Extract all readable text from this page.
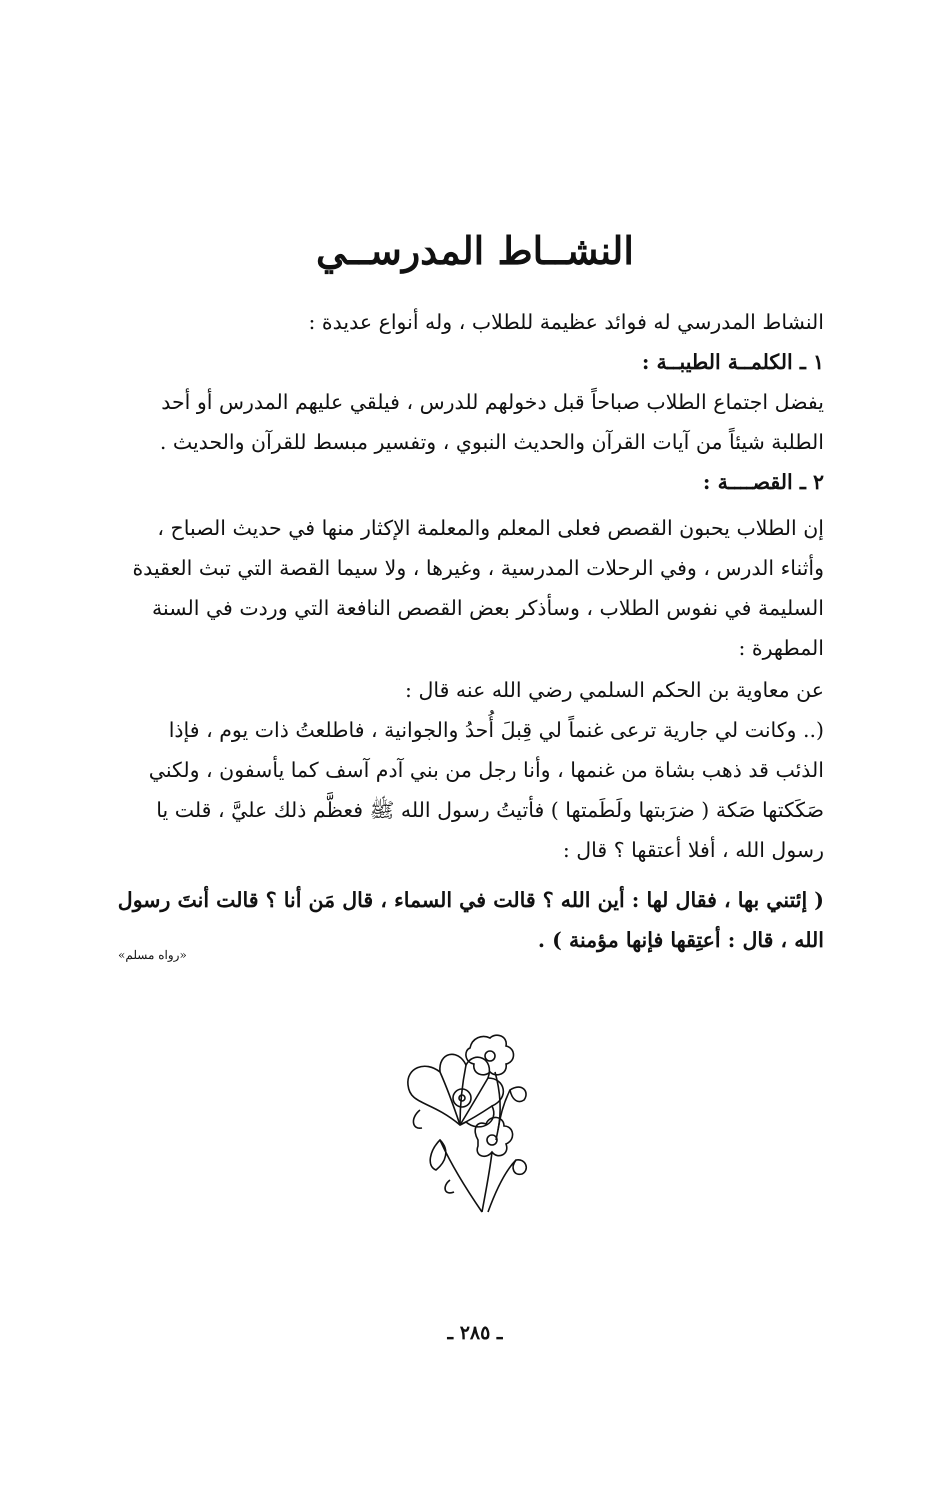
النشــاط المدرســي
النشاط المدرسي له فوائد عظيمة للطلاب ، وله أنواع عديدة :
١ ـ الكلمــة الطيبــة :
يفضل اجتماع الطلاب صباحاً قبل دخولهم للدرس ، فيلقي عليهم المدرس أو أحد
الطلبة شيئاً من آيات القرآن والحديث النبوي ، وتفسير مبسط للقرآن والحديث .
٢ ـ القصــــة :
إن الطلاب يحبون القصص فعلى المعلم والمعلمة الإكثار منها في حديث الصباح ،
وأثناء الدرس ، وفي الرحلات المدرسية ، وغيرها ، ولا سيما القصة التي تبث العقيدة
السليمة في نفوس الطلاب ، وسأذكر بعض القصص النافعة التي وردت في السنة
المطهرة :
عن معاوية بن الحكم السلمي رضي الله عنه قال :
(.. وكانت لي جارية ترعى غنماً لي قِبلَ أُحدُ والجوانية ، فاطلعتُ ذات يوم ، فإذا
الذئب قد ذهب بشاة من غنمها ، وأنا رجل من بني آدم آسف كما يأسفون ، ولكني
صَكَكتها صَكة ( ضرَبتها ولَطَمتها ) فأتيتُ رسول الله ﷺ فعظَّم ذلك عليَّ ، قلت يا
رسول الله ، أفلا أعتقها ؟ قال :
( إئتني بها ، فقال لها : أين الله ؟ قالت في السماء ، قال مَن أنا ؟ قالت أنتَ رسول
الله ، قال : أعتِقها فإنها مؤمنة ) .
«رواه مسلم»
ـ ٢٨٥ ـ
